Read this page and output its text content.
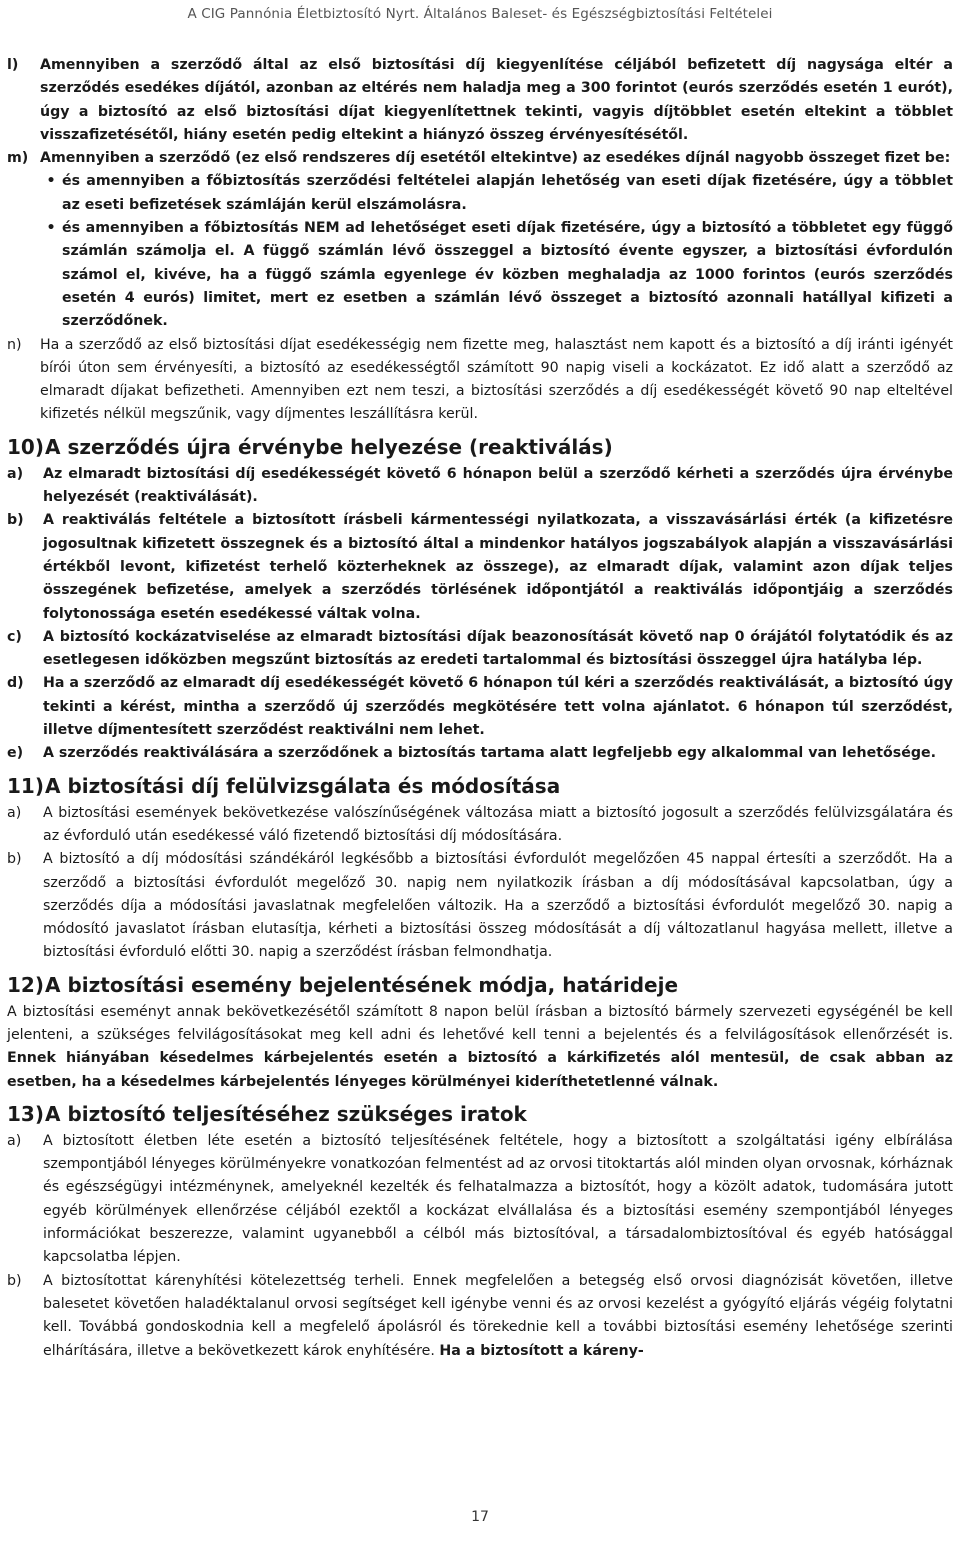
A CIG Pannónia Életbiztosító Nyrt. Általános Baleset- és Egészségbiztosítási Feltételei
l)	Amennyiben a szerződő által az első biztosítási díj kiegyenlítése céljából befizetett díj nagysága eltér a szerződés esedékes díjától, azonban az eltérés nem haladja meg a 300 forintot (eurós szerződés esetén 1 eurót), úgy a biztosító az első biztosítási díjat kiegyenlítettnek tekinti, vagyis díjtöbblet esetén eltekint a többlet visszafizetésétől, hiány esetén pedig eltekint a hiányzó összeg érvényesítésétől.
m) Amennyiben a szerződő (ez első rendszeres díj esetétől eltekintve) az esedékes díjnál nagyobb összeget fizet be:
• és amennyiben a főbiztosítás szerződési feltételei alapján lehetőség van eseti díjak fizetésére, úgy a többlet az eseti befizetések számláján kerül elszámolásra.
• és amennyiben a főbiztosítás NEM ad lehetőséget eseti díjak fizetésére, úgy a biztosító a többletet egy függő számlán számolja el. A függő számlán lévő összeggel a biztosító évente egyszer, a biztosítási évfordulón számol el, kivéve, ha a függő számla egyenlege év közben meghaladja az 1000 forintos (eurós szerződés esetén 4 eurós) limitet, mert ez esetben a számlán lévő összeget a biztosító azonnali hatállyal kifizeti a szerződőnek.
n)	Ha a szerződő az első biztosítási díjat esedékességig nem fizette meg, halasztást nem kapott és a biztosító a díj iránti igényét bírói úton sem érvényesíti, a biztosító az esedékességtől számított 90 napig viseli a kockázatot. Ez idő alatt a szerződő az elmaradt díjakat befizetheti. Amennyiben ezt nem teszi, a biztosítási szerződés a díj esedékességét követő 90 nap elteltével kifizetés nélkül megszűnik, vagy díjmentes leszállításra kerül.
10)A szerződés újra érvénybe helyezése (reaktiválás)
a)	Az elmaradt biztosítási díj esedékességét követő 6 hónapon belül a szerződő kérheti a szerződés újra érvénybe helyezését (reaktiválását).
b)	A reaktiválás feltétele a biztosított írásbeli kármentességi nyilatkozata, a visszavásárlási érték (a kifizetésre jogosultnak kifizetett összegnek és a biztosító által a mindenkor hatályos jogszabályok alapján a visszavásárlási értékből levont, kifizetést terhelő közterheknek az összege), az elmaradt díjak, valamint azon díjak teljes összegének befizetése, amelyek a szerződés törlésének időpontjától a reaktiválás időpontjáig a szerződés folytonossága esetén esedékessé váltak volna.
c)	A biztosító kockázatviselése az elmaradt biztosítási díjak beazonosítását követő nap 0 órájától folytatódik és az esetlegesen időközben megszűnt biztosítás az eredeti tartalommal és biztosítási összeggel újra hatályba lép.
d)	Ha a szerződő az elmaradt díj esedékességét követő 6 hónapon túl kéri a szerződés reaktiválását, a biztosító úgy tekinti a kérést, mintha a szerződő új szerződés megkötésére tett volna ajánlatot. 6 hónapon túl szerződést, illetve díjmentesített szerződést reaktiválni nem lehet.
e)	A szerződés reaktiválására a szerződőnek a biztosítás tartama alatt legfeljebb egy alkalommal van lehetősége.
11)A biztosítási díj felülvizsgálata és módosítása
a)	A biztosítási események bekövetkezése valószínűségének változása miatt a biztosító jogosult a szerződés felülvizsgálatára és az évforduló után esedékessé váló fizetendő biztosítási díj módosítására.
b)	A biztosító a díj módosítási szándékáról legkésőbb a biztosítási évfordulót megelőzően 45 nappal értesíti a szerződőt. Ha a szerződő a biztosítási évfordulót megelőző 30. napig nem nyilatkozik írásban a díj módosításával kapcsolatban, úgy a szerződés díja a módosítási javaslatnak megfelelően változik. Ha a szerződő a biztosítási évfordulót megelőző 30. napig a módosító javaslatot írásban elutasítja, kérheti a biztosítási összeg módosítását a díj változatlanul hagyása mellett, illetve a biztosítási évforduló előtti 30. napig a szerződést írásban felmondhatja.
12)A biztosítási esemény bejelentésének módja, határideje
A biztosítási eseményt annak bekövetkezésétől számított 8 napon belül írásban a biztosító bármely szervezeti egységénél be kell jelenteni, a szükséges felvilágosításokat meg kell adni és lehetővé kell tenni a bejelentés és a felvilágosítások ellenőrzését is. Ennek hiányában késedelmes kárbejelentés esetén a biztosító a kárkifizetés alól mentesül, de csak abban az esetben, ha a késedelmes kárbejelentés lényeges körülményei kideríthetetlenné válnak.
13)A biztosító teljesítéséhez szükséges iratok
a)	A biztosított életben léte esetén a biztosító teljesítésének feltétele, hogy a biztosított a szolgáltatási igény elbírálása szempontjából lényeges körülményekre vonatkozóan felmentést ad az orvosi titoktartás alól minden olyan orvosnak, kórháznak és egészségügyi intézménynek, amelyeknél kezelték és felhatalmazza a biztosítót, hogy a közölt adatok, tudomására jutott egyéb körülmények ellenőrzése céljából ezektől a kockázat elvállalása és a biztosítási esemény szempontjából lényeges információkat beszerezze, valamint ugyanebből a célból más biztosítóval, a társadalombiztosítóval és egyéb hatósággal kapcsolatba lépjen.
b)	A biztosítottat kárenyhítési kötelezettség terheli. Ennek megfelelően a betegség első orvosi diagnózisát követően, illetve balesetet követően haladéktalanul orvosi segítséget kell igénybe venni és az orvosi kezelést a gyógyító eljárás végéig folytatni kell. Továbbá gondoskodnia kell a megfelelő ápolásról és törekednie kell a további biztosítási esemény lehetősége szerinti elhárítására, illetve a bekövetkezett károk enyhítésére. Ha a biztosított a káreny-
17
